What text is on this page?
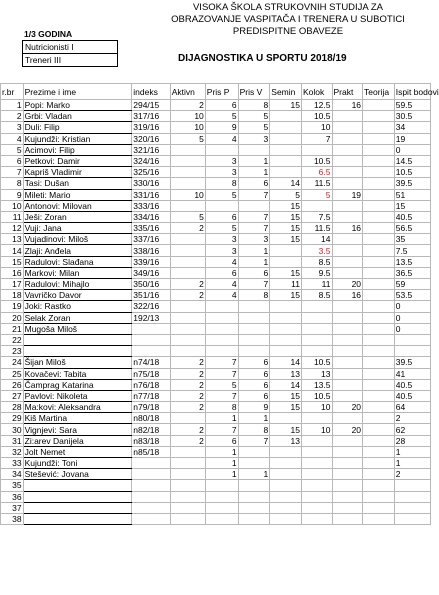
VISOKA ŠKOLA STRUKOVNIH STUDIJA ZA
OBRAZOVANJE VASPITAČA I TRENERA U SUBOTICI
PREDISPITNE OBAVEZE
1/3 GODINA
Nutricionisti I
Treneri III	DIJAGNOSTIKA U SPORTU 2018/19
r.br	Prezime i ime	indeks	Aktivn	Pris P	Pris V	Semin	Kolok	Prakt	Teorija	Ispit bodovi
1	Popi: Marko	294/15	2	6	8	15	12.5	16		59.5
2	Grbi: Vladan	317/16	10	5	5		10.5			30.5
3	Duli: Filip	319/16	10	9	5		10			34
4	Kujundži: Kristian	320/16	5	4	3		7			19
5	Acimovi: Filip	321/16								0
6	Petkovi: Damir	324/16		3	1		10.5			14.5
7	Kapriš Vladimir	325/16		3	1		6.5			10.5
8	Tasi: Dušan	330/16		8	6	14	11.5			39.5
9	Mileti: Mario	331/16	10	5	7	5	5	19		51
10	Antonovi: Milovan	333/16				15				15
11	Ješi: Zoran	334/16	5	6	7	15	7.5			40.5
12	Vuji: Jana	335/16	2	5	7	15	11.5	16		56.5
13	Vujadinovi: Miloš	337/16		3	3	15	14			35
14	Zlaji: Anđela	338/16		3	1		3.5			7.5
15	Radulovi: Slađana	339/16		4	1		8.5			13.5
16	Markovi: Milan	349/16		6	6	15	9.5			36.5
17	Radulovi: Mihajlo	350/16	2	4	7	11	11	20		59
18	Vavričko Davor	351/16	2	4	8	15	8.5	16		53.5
19	Joki: Rastko	322/16								0
20	Selak Zoran	192/13								0
21	Mugoša Miloš									0
22										
23										
24	Šijan Miloš	n74/18	2	7	6	14	10.5			39.5
25	Kovačevi: Tabita	n75/18	2	7	6	13	13			41
26	Čamprag Katarina	n76/18	2	5	6	14	13.5			40.5
27	Pavlovi: Nikoleta	n77/18	2	7	6	15	10.5			40.5
28	Ma:kovi: Aleksandra	n79/18	2	8	9	15	10	20		64
29	Kiš Martina	n80/18		1	1					2
30	Vignjevi: Sara	n82/18	2	7	8	15	10	20		62
31	Zi:arev Danijela	n83/18	2	6	7	13				28
32	Jolt Nemet	n85/18		1						1
33	Kujundži: Toni			1						1
34	Stešević: Jovana			1	1					2
35										
36										
37										
38										
